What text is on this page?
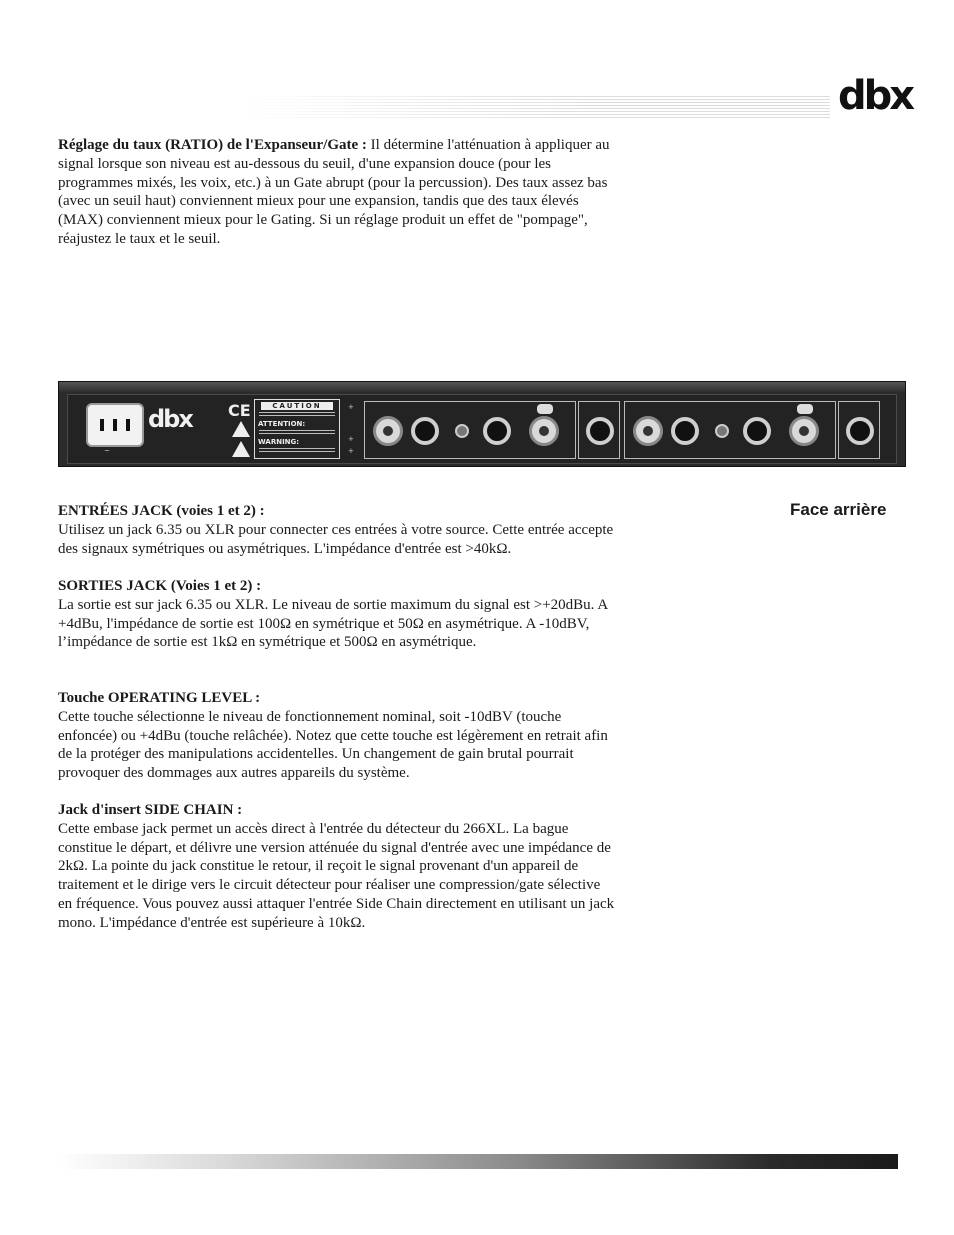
dbx

Réglage du taux (RATIO) de l'Expanseur/Gate : Il détermine l'atténuation à appliquer au signal lorsque son niveau est au-dessous du seuil, d'une expansion douce (pour les programmes mixés, les voix, etc.) à un Gate abrupt (pour la percussion). Des taux assez bas (avec un seuil haut) conviennent mieux pour une expansion, tandis que des taux élevés (MAX) conviennent mieux pour le Gating. Si un réglage produit un effet de "pompage", réajustez le taux et le seuil.

~
dbx CE	CAUTION
ATTENTION:
WARNING:
+
+
+
Face arrière

ENTRÉES JACK (voies 1 et 2) :
Utilisez un jack 6.35 ou XLR pour connecter ces entrées à votre source. Cette entrée accepte des signaux symétriques ou asymétriques. L'impédance d'entrée est >40kΩ.

SORTIES JACK (Voies 1 et 2) :
La sortie est sur jack 6.35 ou XLR. Le niveau de sortie maximum du signal est >+20dBu. A +4dBu, l'impédance de sortie est 100Ω en symétrique et 50Ω en asymétrique. A -10dBV, l’impédance de sortie est 1kΩ en symétrique et 500Ω en asymétrique.

Touche OPERATING LEVEL :
Cette touche sélectionne le niveau de fonctionnement nominal, soit -10dBV (touche enfoncée) ou +4dBu (touche relâchée). Notez que cette touche est légèrement en retrait afin de la protéger des manipulations accidentelles. Un changement de gain brutal pourrait provoquer des dommages aux autres appareils du système.

Jack d'insert SIDE CHAIN :
Cette embase jack permet un accès direct à l'entrée du détecteur du 266XL. La bague constitue le départ, et délivre une version atténuée du signal d'entrée avec une impédance de 2kΩ. La pointe du jack constitue le retour, il reçoit le signal provenant d'un appareil de traitement et le dirige vers le circuit détecteur pour réaliser une compression/gate sélective en fréquence. Vous pouvez aussi attaquer l'entrée Side Chain directement en utilisant un jack mono. L'impédance d'entrée est supérieure à 10kΩ.
